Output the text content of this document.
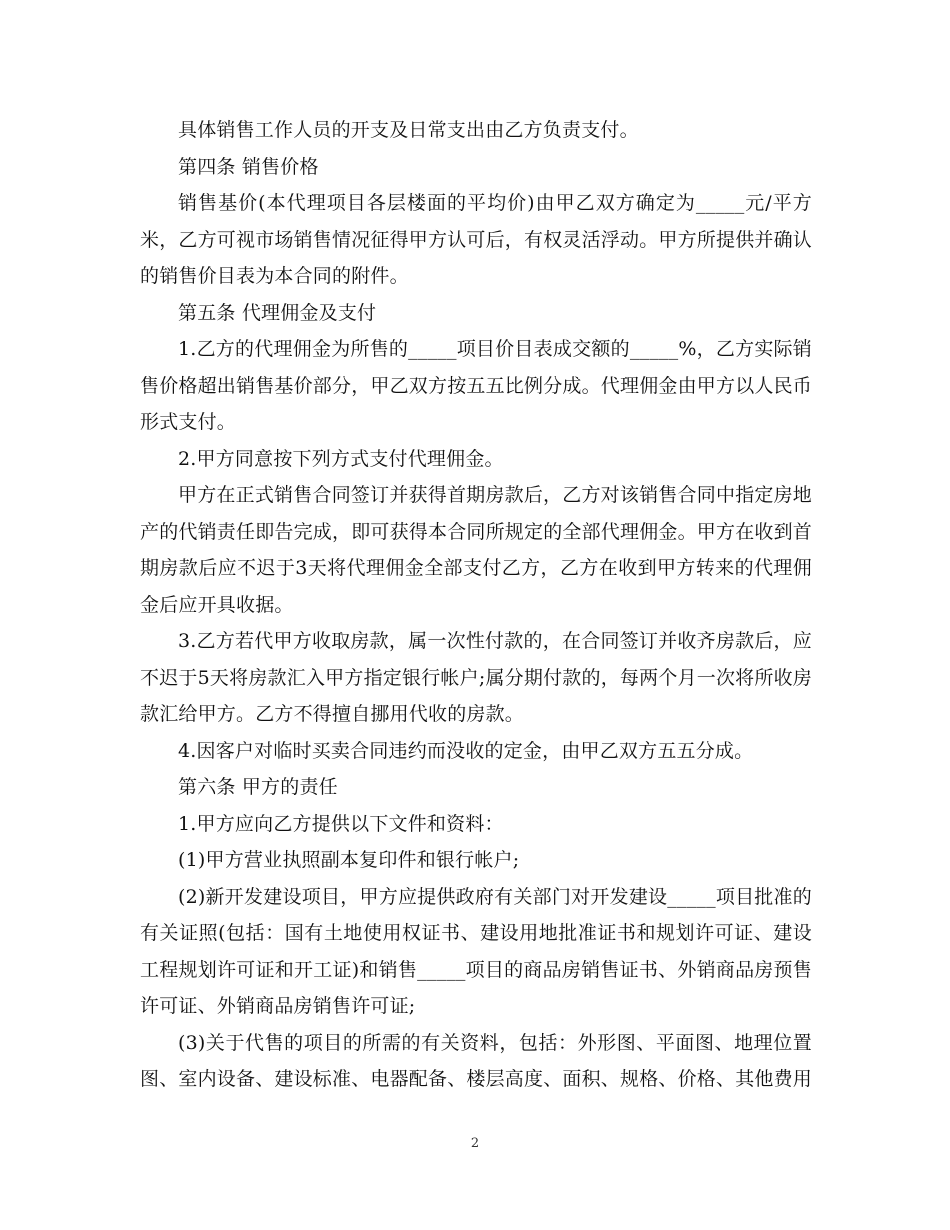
具体销售工作人员的开支及日常支出由乙方负责支付。

第四条 销售价格

销售基价(本代理项目各层楼面的平均价)由甲乙双方确定为_____元/平方米，乙方可视市场销售情况征得甲方认可后，有权灵活浮动。甲方所提供并确认的销售价目表为本合同的附件。

第五条 代理佣金及支付

1.乙方的代理佣金为所售的_____项目价目表成交额的_____%，乙方实际销售价格超出销售基价部分，甲乙双方按五五比例分成。代理佣金由甲方以人民币形式支付。

2.甲方同意按下列方式支付代理佣金。

甲方在正式销售合同签订并获得首期房款后，乙方对该销售合同中指定房地产的代销责任即告完成，即可获得本合同所规定的全部代理佣金。甲方在收到首期房款后应不迟于3天将代理佣金全部支付乙方，乙方在收到甲方转来的代理佣金后应开具收据。

3.乙方若代甲方收取房款，属一次性付款的，在合同签订并收齐房款后，应不迟于5天将房款汇入甲方指定银行帐户;属分期付款的，每两个月一次将所收房款汇给甲方。乙方不得擅自挪用代收的房款。

4.因客户对临时买卖合同违约而没收的定金，由甲乙双方五五分成。

第六条 甲方的责任

1.甲方应向乙方提供以下文件和资料：

(1)甲方营业执照副本复印件和银行帐户;

(2)新开发建设项目，甲方应提供政府有关部门对开发建设_____项目批准的有关证照(包括：国有土地使用权证书、建设用地批准证书和规划许可证、建设工程规划许可证和开工证)和销售_____项目的商品房销售证书、外销商品房预售许可证、外销商品房销售许可证;

(3)关于代售的项目的所需的有关资料，包括：外形图、平面图、地理位置图、室内设备、建设标准、电器配备、楼层高度、面积、规格、价格、其他费用

2
